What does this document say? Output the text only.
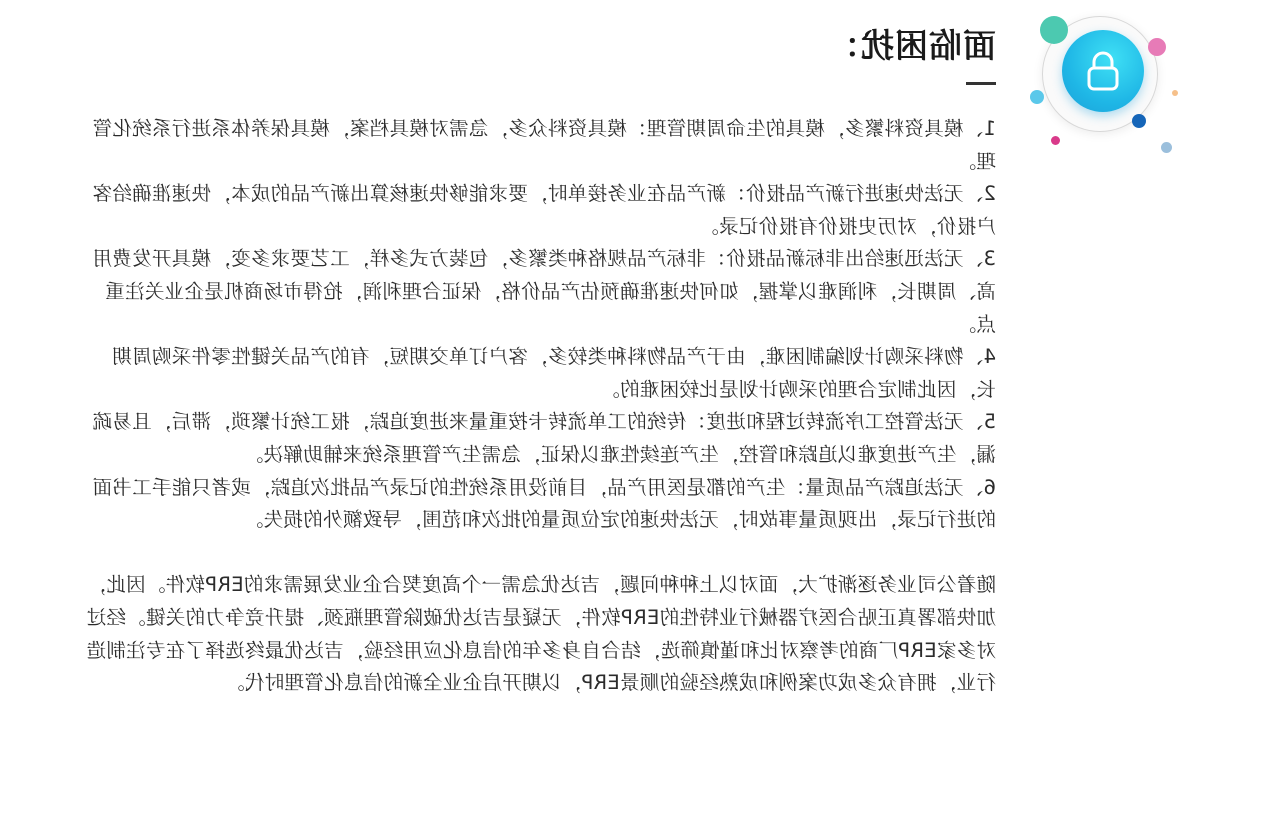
面临困扰：

1、模具资料繁多，模具的生命周期管理：模具资料众多，急需对模具档案，模具保养体系进行系统化管理。

2、无法快速进行新产品报价：新产品在业务接单时，要求能够快速核算出新产品的成本，快速准确给客户报价，对历史报价有报价记录。

3、无法迅速给出非标新品报价：非标产品规格种类繁多，包装方式多样，工艺要求多变，模具开发费用高、周期长，利润难以掌握，如何快速准确预估产品价格，保证合理利润，抢得市场商机是企业关注重点。

4、物料采购计划编制困难，由于产品物料种类较多，客户订单交期短，有的产品关键性零件采购周期长，因此制定合理的采购计划是比较困难的。

5、无法管控工序流转过程和进度：传统的工单流转卡按重量来进度追踪，报工统计繁琐，滞后，且易疏漏，生产进度难以追踪和管控，生产连续性难以保证，急需生产管理系统来辅助解决。

6、无法追踪产品质量：生产的都是医用产品，目前没用系统性的记录产品批次追踪，或者只能手工书面的进行记录，出现质量事故时，无法快速的定位质量的批次和范围，导致额外的损失。

随着公司业务逐渐扩大，面对以上种种问题，吉达优急需一个高度契合企业发展需求的ERP软件。因此，加快部署真正贴合医疗器械行业特性的ERP软件，无疑是吉达优破除管理瓶颈、提升竞争力的关键。经过对多家ERP厂商的考察对比和谨慎筛选，结合自身多年的信息化应用经验，吉达优最终选择了在专注制造行业，拥有众多成功案例和成熟经验的顺景ERP，以期开启企业全新的信息化管理时代。
